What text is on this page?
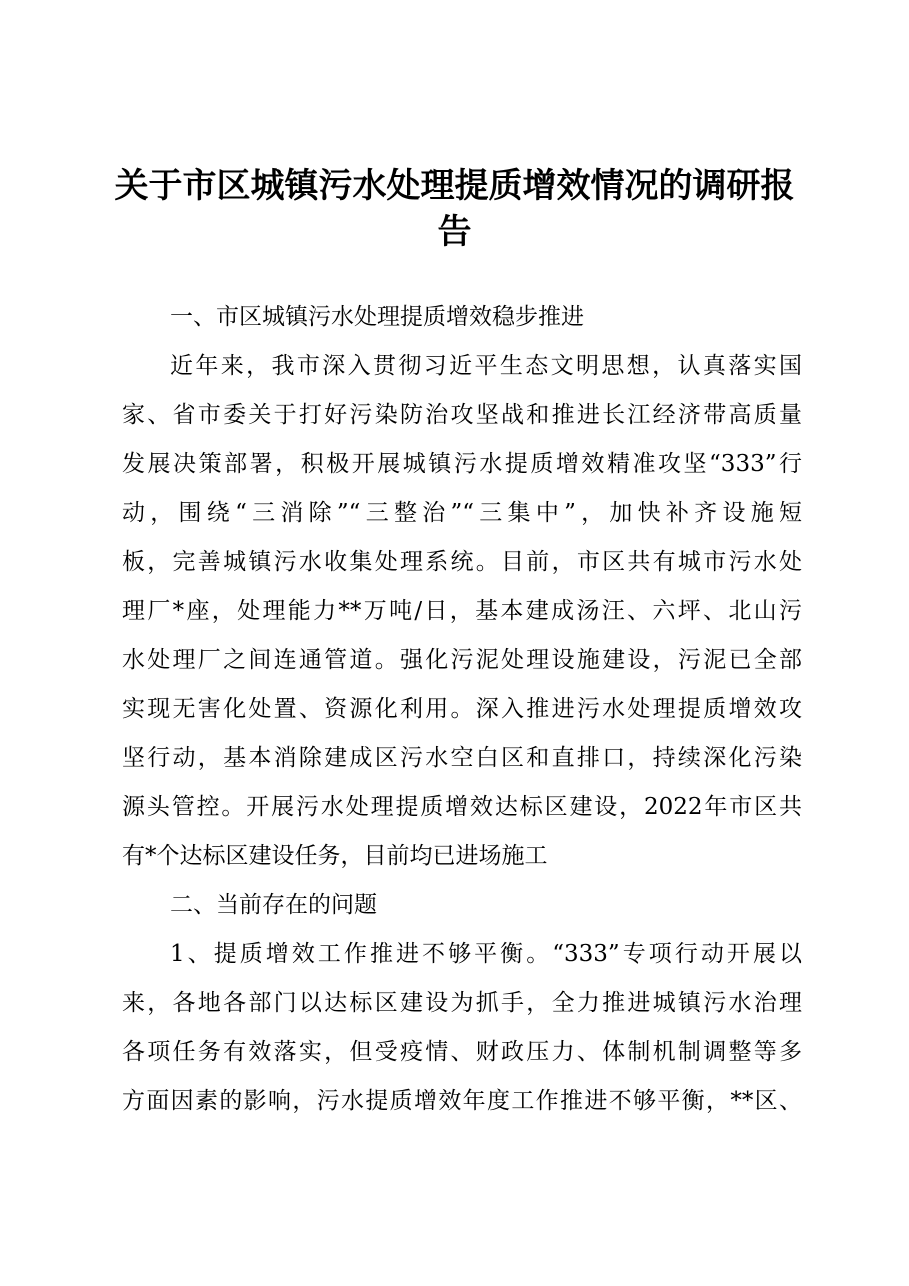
关于市区城镇污水处理提质增效情况的调研报
告
一、市区城镇污水处理提质增效稳步推进
近年来，我市深入贯彻习近平生态文明思想，认真落实国
家、省市委关于打好污染防治攻坚战和推进长江经济带高质量
发展决策部署，积极开展城镇污水提质增效精准攻坚“333”行
动，围绕“三消除”“三整治”“三集中”，加快补齐设施短
板，完善城镇污水收集处理系统。目前，市区共有城市污水处
理厂*座，处理能力**万吨/日，基本建成汤汪、六坪、北山污
水处理厂之间连通管道。强化污泥处理设施建设，污泥已全部
实现无害化处置、资源化利用。深入推进污水处理提质增效攻
坚行动，基本消除建成区污水空白区和直排口，持续深化污染
源头管控。开展污水处理提质增效达标区建设，2022年市区共
有*个达标区建设任务，目前均已进场施工
二、当前存在的问题
1、提质增效工作推进不够平衡。“333”专项行动开展以
来，各地各部门以达标区建设为抓手，全力推进城镇污水治理
各项任务有效落实，但受疫情、财政压力、体制机制调整等多
方面因素的影响，污水提质增效年度工作推进不够平衡，**区、
